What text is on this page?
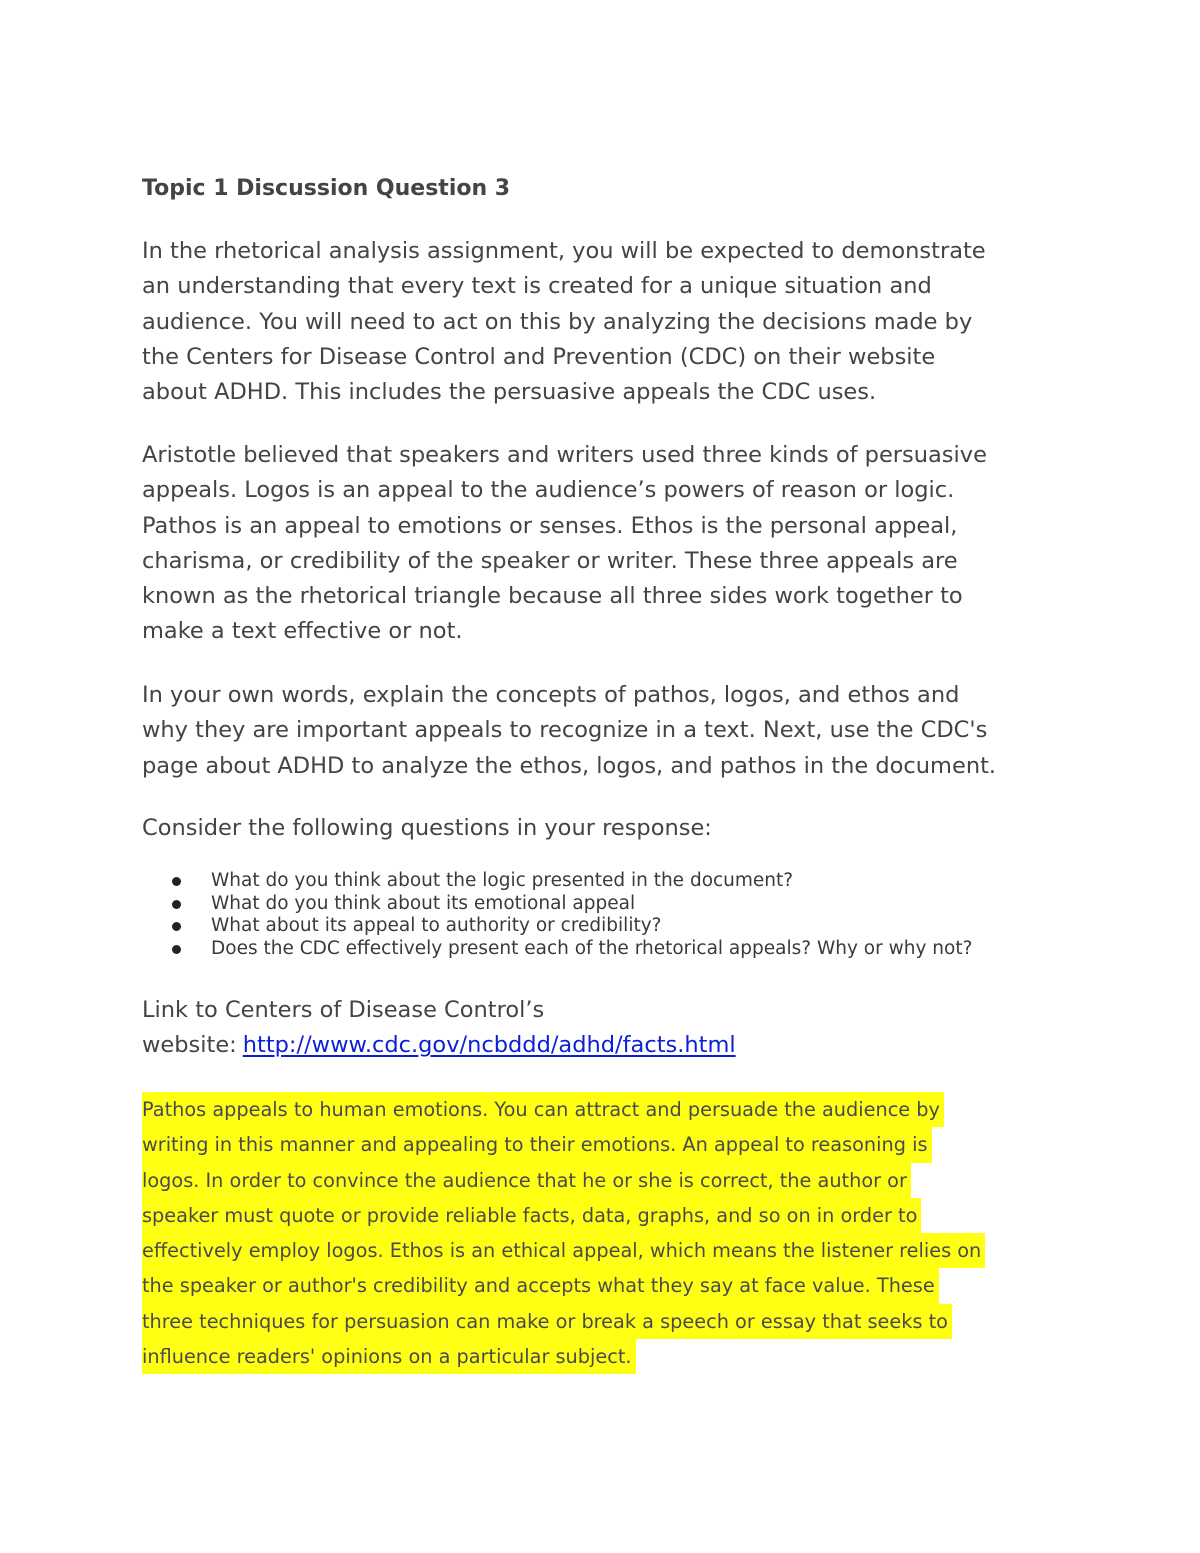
Topic 1 Discussion Question 3

In the rhetorical analysis assignment, you will be expected to demonstrate
an understanding that every text is created for a unique situation and
audience. You will need to act on this by analyzing the decisions made by
the Centers for Disease Control and Prevention (CDC) on their website
about ADHD. This includes the persuasive appeals the CDC uses.

Aristotle believed that speakers and writers used three kinds of persuasive
appeals. Logos is an appeal to the audience’s powers of reason or logic.
Pathos is an appeal to emotions or senses. Ethos is the personal appeal,
charisma, or credibility of the speaker or writer. These three appeals are
known as the rhetorical triangle because all three sides work together to
make a text effective or not.

In your own words, explain the concepts of pathos, logos, and ethos and
why they are important appeals to recognize in a text. Next, use the CDC's
page about ADHD to analyze the ethos, logos, and pathos in the document.

Consider the following questions in your response:

What do you think about the logic presented in the document?
What do you think about its emotional appeal
What about its appeal to authority or credibility?
Does the CDC effectively present each of the rhetorical appeals? Why or why not?

Link to Centers of Disease Control’s
website: http://www.cdc.gov/ncbddd/adhd/facts.html

Pathos appeals to human emotions. You can attract and persuade the audience by
writing in this manner and appealing to their emotions. An appeal to reasoning is
logos. In order to convince the audience that he or she is correct, the author or
speaker must quote or provide reliable facts, data, graphs, and so on in order to
effectively employ logos. Ethos is an ethical appeal, which means the listener relies on
the speaker or author's credibility and accepts what they say at face value. These
three techniques for persuasion can make or break a speech or essay that seeks to
influence readers' opinions on a particular subject.
